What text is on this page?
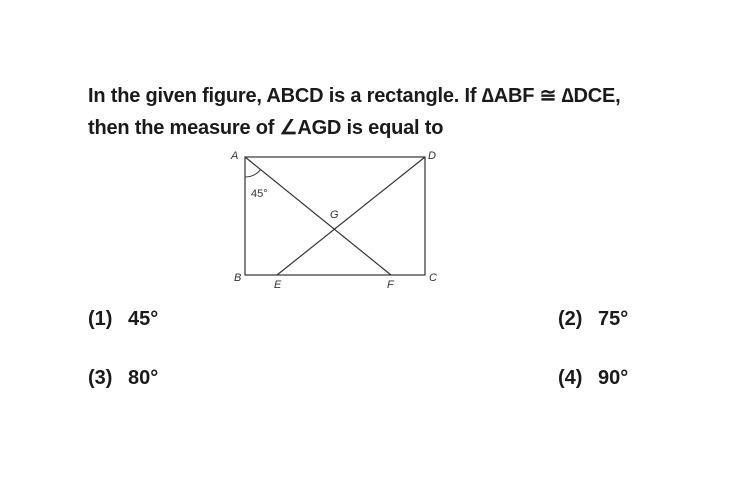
In the given figure, ABCD is a rectangle. If ∆ABF ≅ ∆DCE,
then the measure of ∠AGD is equal to
45°
A	D
B	C
E	F
G
(1) 45°	(2) 75°
(3) 80°	(4) 90°
